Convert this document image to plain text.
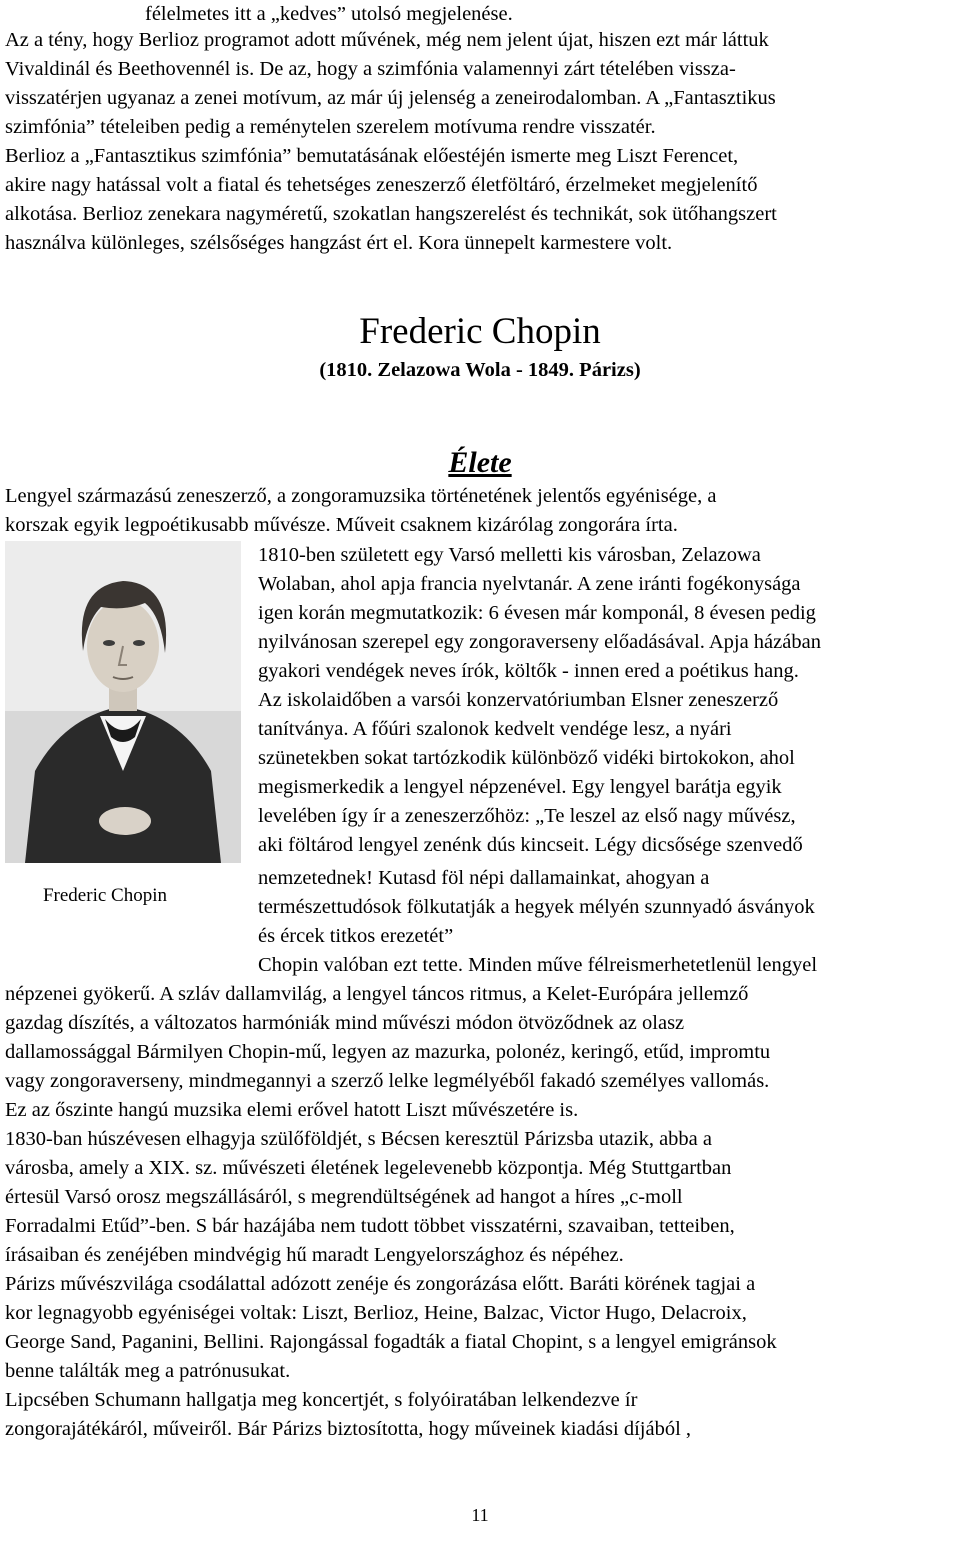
félelmetes itt a „kedves” utolsó megjelenése.
Az a tény, hogy Berlioz programot adott művének, még nem jelent újat, hiszen ezt már láttuk
Vivaldinál és Beethovennél is. De az, hogy a szimfónia valamennyi zárt tételében vissza-
visszatérjen ugyanaz a zenei motívum, az már új jelenség a zeneirodalomban. A „Fantasztikus
szimfónia” tételeiben pedig a reménytelen szerelem motívuma rendre visszatér.
Berlioz a „Fantasztikus szimfónia” bemutatásának előestéjén ismerte meg Liszt Ferencet,
akire nagy hatással volt a fiatal és tehetséges zeneszerző életföltáró, érzelmeket megjelenítő
alkotása. Berlioz zenekara nagyméretű, szokatlan hangszerelést és technikát, sok ütőhangszert
használva különleges, szélsőséges hangzást ért el. Kora ünnepelt karmestere volt.
Frederic Chopin
(1810. Zelazowa Wola - 1849. Párizs)
Élete
Lengyel származású zeneszerző, a zongoramuzsika történetének jelentős egyénisége, a
korszak egyik legpoétikusabb művésze. Műveit csaknem kizárólag zongorára írta.
Frederic Chopin
1810-ben született egy Varsó melletti kis városban, Zelazowa
Wolaban, ahol apja francia nyelvtanár. A zene iránti fogékonysága
igen korán megmutatkozik: 6 évesen már komponál, 8 évesen pedig
nyilvánosan szerepel egy zongoraverseny előadásával. Apja házában
gyakori vendégek neves írók, költők - innen ered a poétikus hang.
Az iskolaidőben a varsói konzervatóriumban Elsner zeneszerző
tanítványa. A főúri szalonok kedvelt vendége lesz, a nyári
szünetekben sokat tartózkodik különböző vidéki birtokokon, ahol
megismerkedik a lengyel népzenével. Egy lengyel barátja egyik
levelében így ír a zeneszerzőhöz: „Te leszel az első nagy művész,
aki föltárod lengyel zenénk dús kincseit. Légy dicsősége szenvedő
nemzetednek! Kutasd föl népi dallamainkat, ahogyan a
természettudósok fölkutatják a hegyek mélyén szunnyadó ásványok
és ércek titkos erezetét”
Chopin valóban ezt tette. Minden műve félreismerhetetlenül lengyel
népzenei gyökerű. A szláv dallamvilág, a lengyel táncos ritmus, a Kelet-Európára jellemző
gazdag díszítés, a változatos harmóniák mind művészi módon ötvöződnek az olasz
dallamossággal Bármilyen Chopin-mű, legyen az mazurka, polonéz, keringő, etűd, impromtu
vagy zongoraverseny, mindmegannyi a szerző lelke legmélyéből fakadó személyes vallomás.
Ez az őszinte hangú muzsika elemi erővel hatott Liszt művészetére is.
1830-ban húszévesen elhagyja szülőföldjét, s Bécsen keresztül Párizsba utazik, abba a
városba, amely a XIX. sz. művészeti életének legelevenebb központja. Még Stuttgartban
értesül Varsó orosz megszállásáról, s megrendültségének ad hangot a híres „c-moll
Forradalmi Etűd”-ben. S bár hazájába nem tudott többet visszatérni, szavaiban, tetteiben,
írásaiban és zenéjében mindvégig hű maradt Lengyelországhoz és népéhez.
Párizs művészvilága csodálattal adózott zenéje és zongorázása előtt. Baráti körének tagjai a
kor legnagyobb egyéniségei voltak: Liszt, Berlioz, Heine, Balzac, Victor Hugo, Delacroix,
George Sand, Paganini, Bellini. Rajongással fogadták a fiatal Chopint, s a lengyel emigránsok
benne találták meg a patrónusukat.
Lipcsében Schumann hallgatja meg koncertjét, s folyóiratában lelkendezve ír
zongorajátékáról, műveiről. Bár Párizs biztosította, hogy műveinek kiadási díjából ,
11
